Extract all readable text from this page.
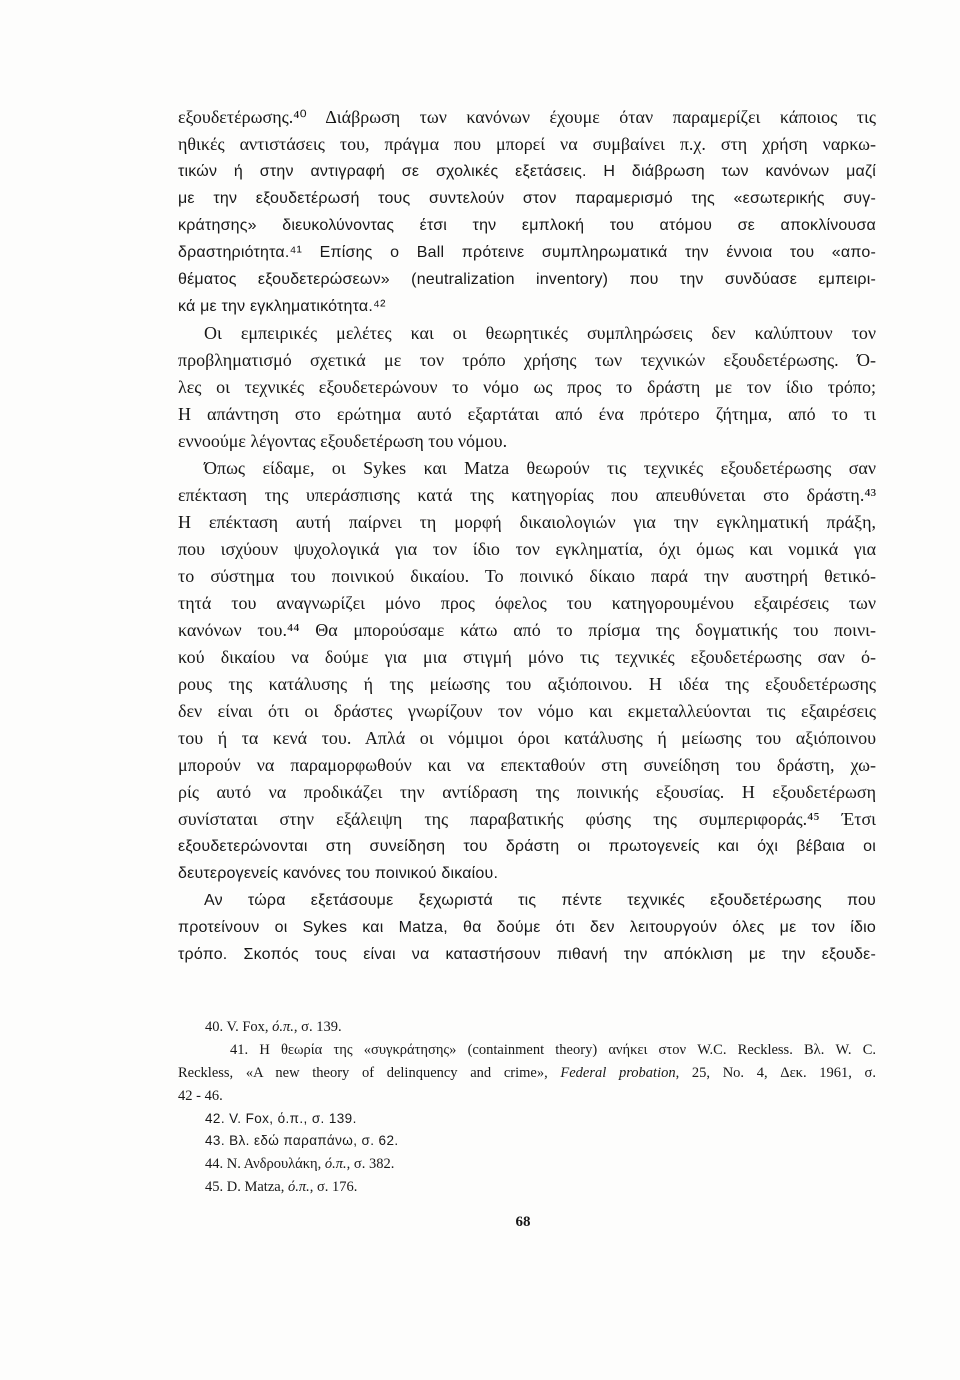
εξουδετέρωσης.⁴⁰ Διάβρωση των κανόνων έχουμε όταν παραμερίζει κάποιος τις
ηθικές αντιστάσεις του, πράγμα που μπορεί να συμβαίνει π.χ. στη χρήση ναρκω-
τικών ή στην αντιγραφή σε σχολικές εξετάσεις. Η διάβρωση των κανόνων μαζί
με την εξουδετέρωσή τους συντελούν στον παραμερισμό της «εσωτερικής συγ-
κράτησης» διευκολύνοντας έτσι την εμπλοκή του ατόμου σε αποκλίνουσα
δραστηριότητα.⁴¹ Επίσης ο Ball πρότεινε συμπληρωματικά την έννοια του «απο-
θέματος εξουδετερώσεων» (neutralization inventory) που την συνδύασε εμπειρι-
κά με την εγκληματικότητα.⁴²
Οι εμπειρικές μελέτες και οι θεωρητικές συμπληρώσεις δεν καλύπτουν τον
προβληματισμό σχετικά με τον τρόπο χρήσης των τεχνικών εξουδετέρωσης. Ό-
λες οι τεχνικές εξουδετερώνουν το νόμο ως προς το δράστη με τον ίδιο τρόπο;
Η απάντηση στο ερώτημα αυτό εξαρτάται από ένα πρότερο ζήτημα, από το τι
εννοούμε λέγοντας εξουδετέρωση του νόμου.
Όπως είδαμε, οι Sykes και Matza θεωρούν τις τεχνικές εξουδετέρωσης σαν
επέκταση της υπεράσπισης κατά της κατηγορίας που απευθύνεται στο δράστη.⁴³
Η επέκταση αυτή παίρνει τη μορφή δικαιολογιών για την εγκληματική πράξη,
που ισχύουν ψυχολογικά για τον ίδιο τον εγκληματία, όχι όμως και νομικά για
το σύστημα του ποινικού δικαίου. Το ποινικό δίκαιο παρά την αυστηρή θετικό-
τητά του αναγνωρίζει μόνο προς όφελος του κατηγορουμένου εξαιρέσεις των
κανόνων του.⁴⁴ Θα μπορούσαμε κάτω από το πρίσμα της δογματικής του ποινι-
κού δικαίου να δούμε για μια στιγμή μόνο τις τεχνικές εξουδετέρωσης σαν ό-
ρους της κατάλυσης ή της μείωσης του αξιόποινου. Η ιδέα της εξουδετέρωσης
δεν είναι ότι οι δράστες γνωρίζουν τον νόμο και εκμεταλλεύονται τις εξαιρέσεις
του ή τα κενά του. Απλά οι νόμιμοι όροι κατάλυσης ή μείωσης του αξιόποινου
μπορούν να παραμορφωθούν και να επεκταθούν στη συνείδηση του δράστη, χω-
ρίς αυτό να προδικάζει την αντίδραση της ποινικής εξουσίας. Η εξουδετέρωση
συνίσταται στην εξάλειψη της παραβατικής φύσης της συμπεριφοράς.⁴⁵ Έτσι
εξουδετερώνονται στη συνείδηση του δράστη οι πρωτογενείς και όχι βέβαια οι
δευτερογενείς κανόνες του ποινικού δικαίου.
Αν τώρα εξετάσουμε ξεχωριστά τις πέντε τεχνικές εξουδετέρωσης που
προτείνουν οι Sykes και Matza, θα δούμε ότι δεν λειτουργούν όλες με τον ίδιο
τρόπο. Σκοπός τους είναι να καταστήσουν πιθανή την απόκλιση με την εξουδε-
40. V. Fox, ό.π., σ. 139.
41. Η θεωρία της «συγκράτησης» (containment theory) ανήκει στον W.C. Reckless. Βλ. W. C.
Reckless, «A new theory of delinquency and crime», Federal probation, 25, No. 4, Δεκ. 1961, σ.
42 - 46.
42. V. Fox, ό.π., σ. 139.
43. Βλ. εδώ παραπάνω, σ. 62.
44. Ν. Ανδρουλάκη, ό.π., σ. 382.
45. D. Matza, ό.π., σ. 176.
68
